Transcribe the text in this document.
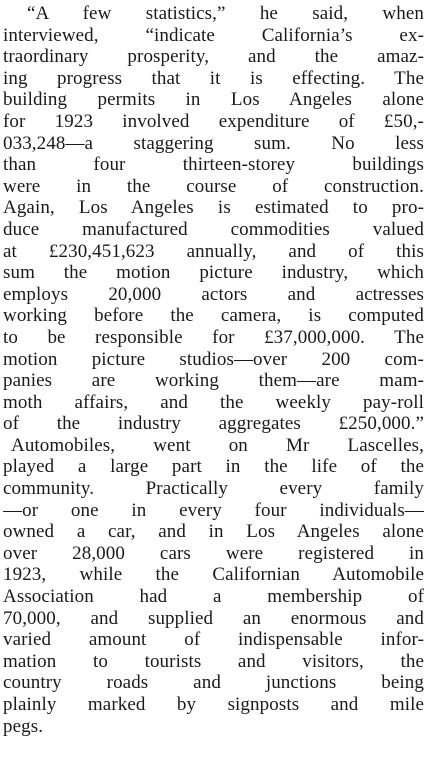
“A few statistics,” he said, when
interviewed, “indicate California’s ex-
traordinary prosperity, and the amaz-
ing progress that it is effecting. The
building permits in Los Angeles alone
for 1923 involved expenditure of £50,-
033,248—a staggering sum. No less
than four thirteen-storey buildings
were in the course of construction.
Again, Los Angeles is estimated to pro-
duce manufactured commodities valued
at £230,451,623 annually, and of this
sum the motion picture industry, which
employs 20,000 actors and actresses
working before the camera, is computed
to be responsible for £37,000,000. The
motion picture studios—over 200 com-
panies are working them—are mam-
moth affairs, and the weekly pay-roll
of the industry aggregates £250,000.”
Automobiles, went on Mr Lascelles,
played a large part in the life of the
community. Practically every family
—or one in every four individuals—
owned a car, and in Los Angeles alone
over 28,000 cars were registered in
1923, while the Californian Automobile
Association had a membership of
70,000, and supplied an enormous and
varied amount of indispensable infor-
mation to tourists and visitors, the
country roads and junctions being
plainly marked by signposts and mile
pegs.
